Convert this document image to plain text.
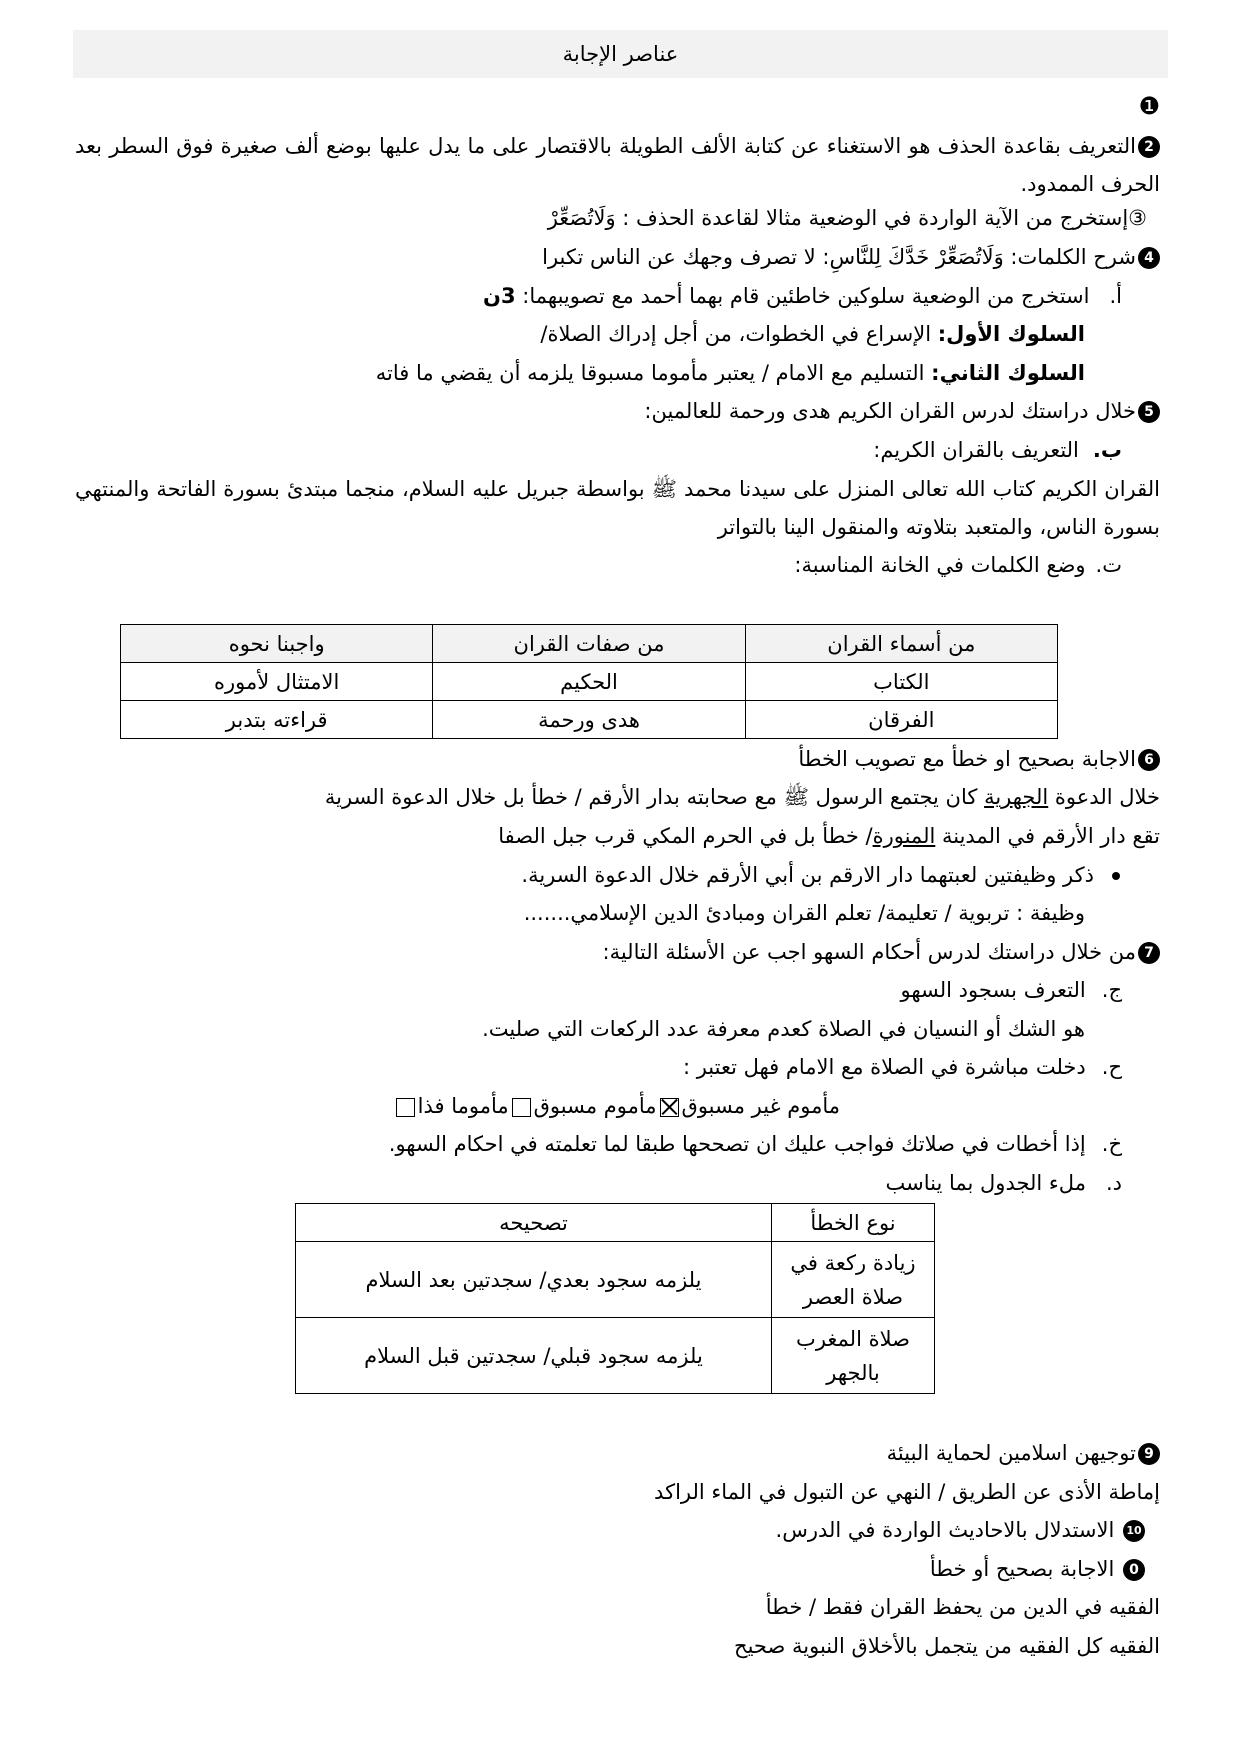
عناصر الإجابة
❶
2التعريف بقاعدة الحذف هو الاستغناء عن كتابة الألف الطويلة بالاقتصار على ما يدل عليها بوضع ألف صغيرة فوق السطر بعد الحرف الممدود.
③إستخرج من الآية الواردة في الوضعية مثالا لقاعدة الحذف : وَلَاتُصَعِّرْ
4شرح الكلمات: وَلَاتُصَعِّرْ خَدَّكَ لِلنَّاسِ: لا تصرف وجهك عن الناس تكبرا
أ.استخرج من الوضعية سلوكين خاطئين قام بهما أحمد مع تصويبهما: 3ن
السلوك الأول: الإسراع في الخطوات، من أجل إدراك الصلاة/
السلوك الثاني: التسليم مع الامام / يعتبر مأموما مسبوقا يلزمه أن يقضي ما فاته
5خلال دراستك لدرس القران الكريم هدى ورحمة للعالمين:
ب.التعريف بالقران الكريم:
القران الكريم كتاب الله تعالى المنزل على سيدنا محمد ﷺ بواسطة جبريل عليه السلام، منجما مبتدئ بسورة الفاتحة والمنتهي بسورة الناس، والمتعبد بتلاوته والمنقول الينا بالتواتر
ت.وضع الكلمات في الخانة المناسبة:
من أسماء القران	من صفات القران	واجبنا نحوه
الكتاب	الحكيم	الامتثال لأموره
الفرقان	هدى ورحمة	قراءته بتدبر
6الاجابة بصحيح او خطأ مع تصويب الخطأ
خلال الدعوة الجهرية كان يجتمع الرسول ﷺ مع صحابته بدار الأرقم / خطأ بل خلال الدعوة السرية
تقع دار الأرقم في المدينة المنورة/ خطأ بل في الحرم المكي قرب جبل الصفا
ذكر وظيفتين لعبتهما دار الارقم بن أبي الأرقم خلال الدعوة السرية.
وظيفة : تربوية / تعليمة/ تعلم القران ومبادئ الدين الإسلامي.......
7من خلال دراستك لدرس أحكام السهو اجب عن الأسئلة التالية:
ج.التعرف بسجود السهو
هو الشك أو النسيان في الصلاة كعدم معرفة عدد الركعات التي صليت.
ح.دخلت مباشرة في الصلاة مع الامام فهل تعتبر :
مأموم غير مسبوقمأموم مسبوقمأموما فذا
خ.إذا أخطات في صلاتك فواجب عليك ان تصححها طبقا لما تعلمته في احكام السهو.
د.ملء الجدول بما يناسب
نوع الخطأ	تصحيحه
زيادة ركعة في صلاة العصر	يلزمه سجود بعدي/ سجدتين بعد السلام
صلاة المغرب بالجهر	يلزمه سجود قبلي/ سجدتين قبل السلام
9توجيهن اسلامين لحماية البيئة
إماطة الأذى عن الطريق / النهي عن التبول في الماء الراكد
10 الاستدلال بالاحاديث الواردة في الدرس.
0 الاجابة بصحيح أو خطأ
الفقيه في الدين من يحفظ القران فقط / خطأ
الفقيه كل الفقيه من يتجمل بالأخلاق النبوية صحيح
